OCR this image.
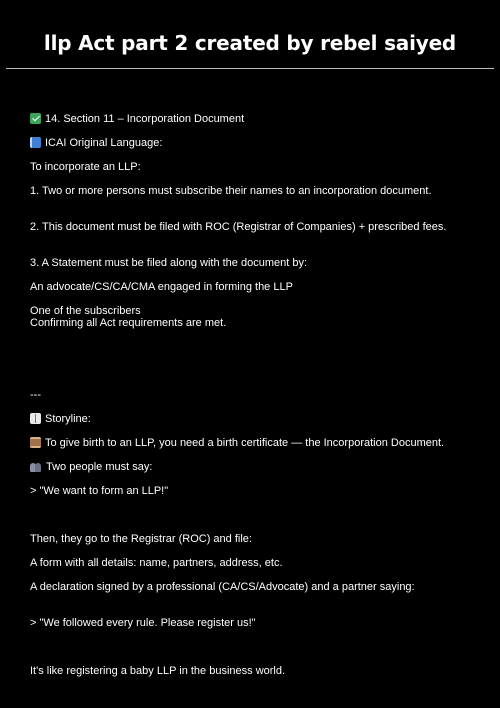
llp Act part 2 created by rebel saiyed
14. Section 11 – Incorporation Document
ICAI Original Language:
To incorporate an LLP:
1. Two or more persons must subscribe their names to an incorporation document.
2. This document must be filed with ROC (Registrar of Companies) + prescribed fees.
3. A Statement must be filed along with the document by:
An advocate/CS/CA/CMA engaged in forming the LLP
One of the subscribers
Confirming all Act requirements are met.
---
Storyline:
To give birth to an LLP, you need a birth certificate — the Incorporation Document.
Two people must say:
> "We want to form an LLP!"
Then, they go to the Registrar (ROC) and file:
A form with all details: name, partners, address, etc.
A declaration signed by a professional (CA/CS/Advocate) and a partner saying:
> "We followed every rule. Please register us!"
It's like registering a baby LLP in the business world.
